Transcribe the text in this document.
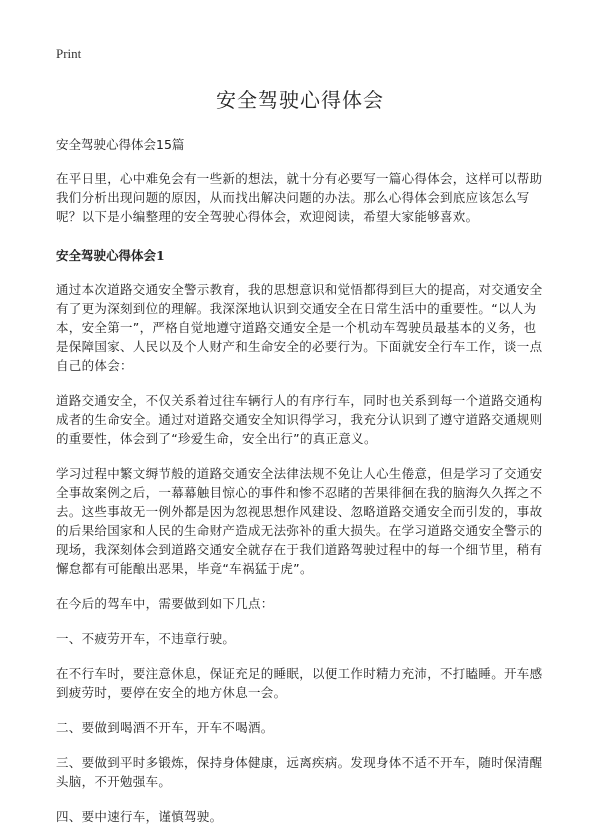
Print
安全驾驶心得体会
安全驾驶心得体会15篇

在平日里，心中难免会有一些新的想法，就十分有必要写一篇心得体会，这样可以帮助我们分析出现问题的原因，从而找出解决问题的办法。那么心得体会到底应该怎么写呢？以下是小编整理的安全驾驶心得体会，欢迎阅读，希望大家能够喜欢。

安全驾驶心得体会1

通过本次道路交通安全警示教育，我的思想意识和觉悟都得到巨大的提高，对交通安全有了更为深刻到位的理解。我深深地认识到交通安全在日常生活中的重要性。“以人为本，安全第一”，严格自觉地遵守道路交通安全是一个机动车驾驶员最基本的义务，也是保障国家、人民以及个人财产和生命安全的必要行为。下面就安全行车工作，谈一点自己的体会：

道路交通安全，不仅关系着过往车辆行人的有序行车，同时也关系到每一个道路交通构成者的生命安全。通过对道路交通安全知识得学习，我充分认识到了遵守道路交通规则的重要性，体会到了“珍爱生命，安全出行”的真正意义。

学习过程中繁文缛节般的道路交通安全法律法规不免让人心生倦意，但是学习了交通安全事故案例之后，一幕幕触目惊心的事件和惨不忍睹的苦果徘徊在我的脑海久久挥之不去。这些事故无一例外都是因为忽视思想作风建设、忽略道路交通安全而引发的，事故的后果给国家和人民的生命财产造成无法弥补的重大损失。在学习道路交通安全警示的现场，我深刻体会到道路交通安全就存在于我们道路驾驶过程中的每一个细节里，稍有懈怠都有可能酿出恶果，毕竟“车祸猛于虎”。

在今后的驾车中，需要做到如下几点：

一、不疲劳开车，不违章行驶。

在不行车时，要注意休息，保证充足的睡眠，以便工作时精力充沛，不打瞌睡。开车感到疲劳时，要停在安全的地方休息一会。

二、要做到喝酒不开车，开车不喝酒。

三、要做到平时多锻炼，保持身体健康，远离疾病。发现身体不适不开车，随时保清醒头脑，不开勉强车。

四、要中速行车，谨慎驾驶。
